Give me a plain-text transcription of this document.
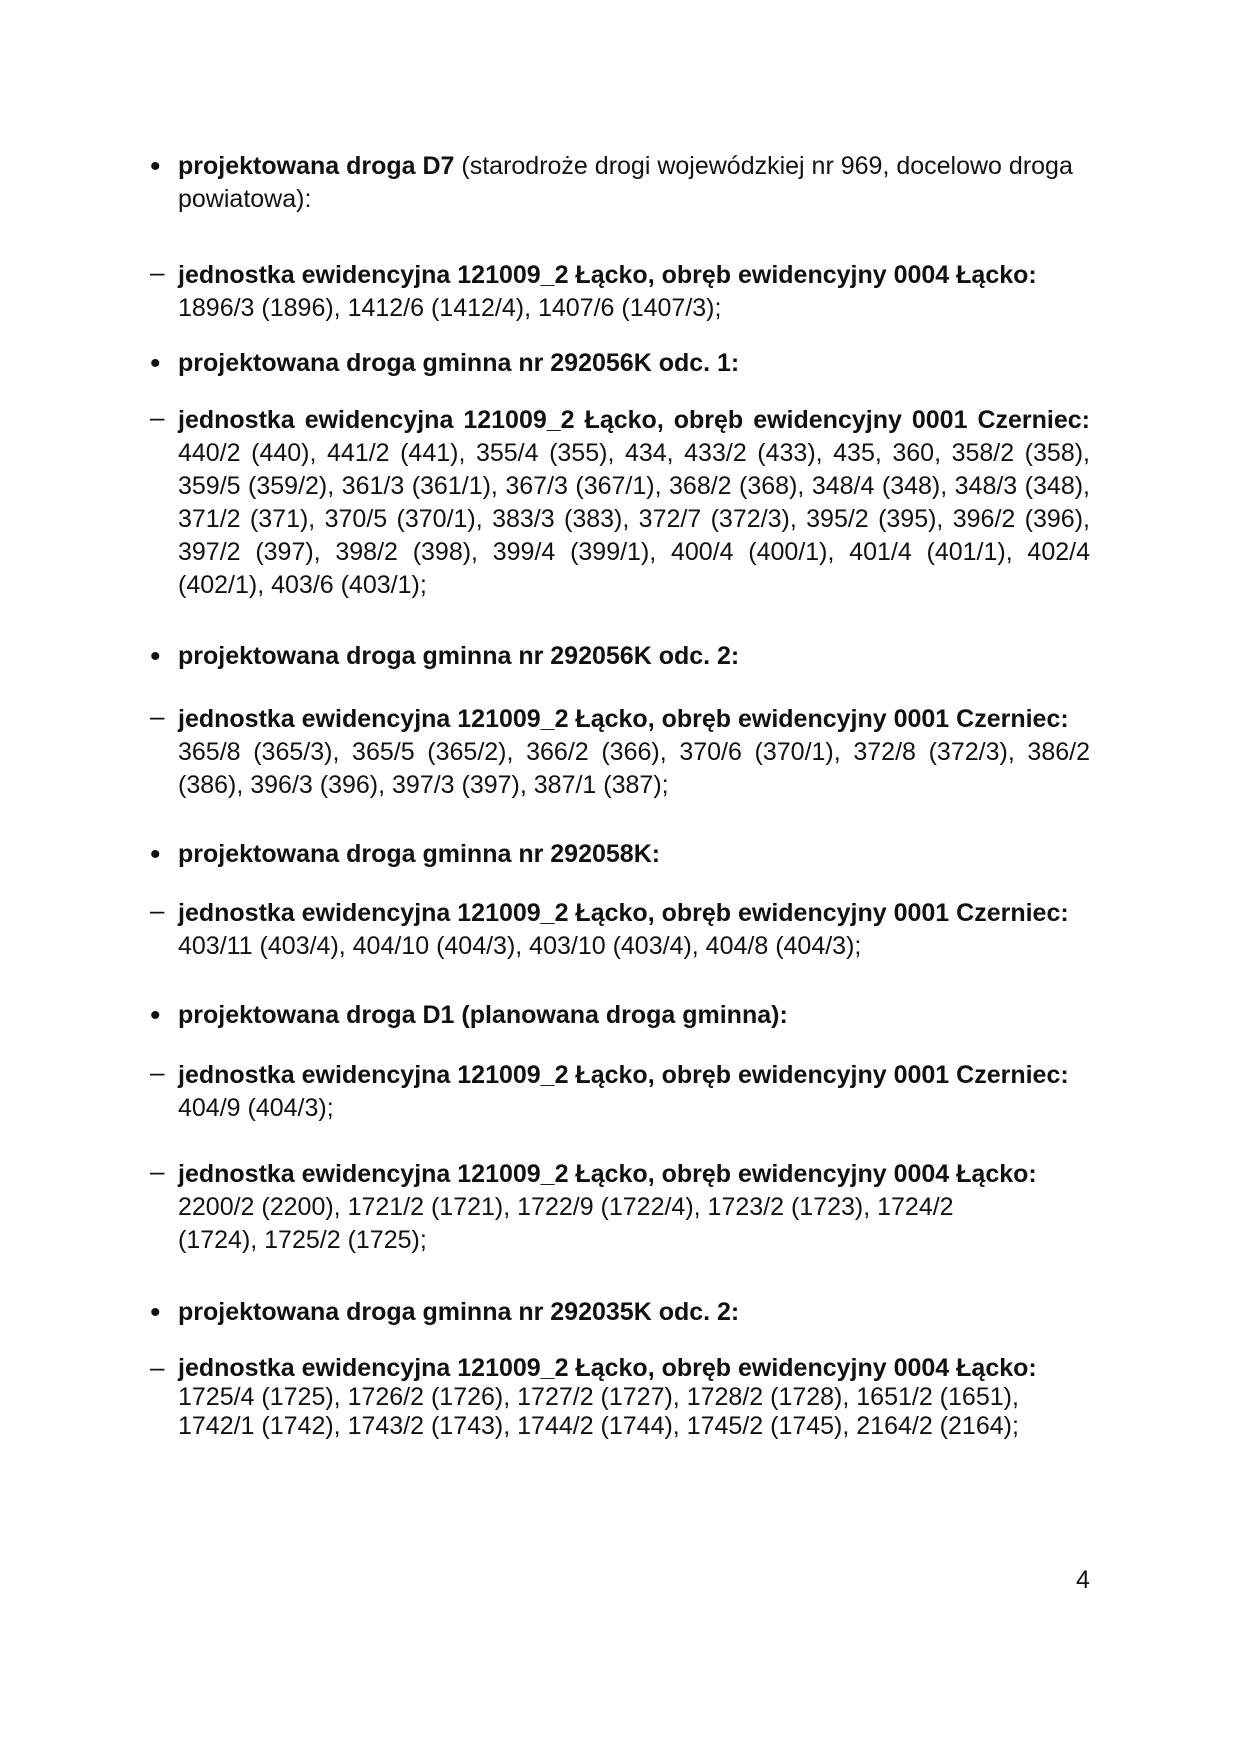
• projektowana droga D7 (starodroże drogi wojewódzkiej nr 969, docelowo droga powiatowa):
– jednostka ewidencyjna 121009_2 Łącko, obręb ewidencyjny 0004 Łącko:
1896/3 (1896), 1412/6 (1412/4), 1407/6 (1407/3);
• projektowana droga gminna nr 292056K odc. 1:
– jednostka ewidencyjna 121009_2 Łącko, obręb ewidencyjny 0001 Czerniec:
440/2 (440), 441/2 (441), 355/4 (355), 434, 433/2 (433), 435, 360, 358/2 (358), 359/5 (359/2), 361/3 (361/1), 367/3 (367/1), 368/2 (368), 348/4 (348), 348/3 (348), 371/2 (371), 370/5 (370/1), 383/3 (383), 372/7 (372/3), 395/2 (395), 396/2 (396), 397/2 (397), 398/2 (398), 399/4 (399/1), 400/4 (400/1), 401/4 (401/1), 402/4 (402/1), 403/6 (403/1);
• projektowana droga gminna nr 292056K odc. 2:
– jednostka ewidencyjna 121009_2 Łącko, obręb ewidencyjny 0001 Czerniec:
365/8 (365/3), 365/5 (365/2), 366/2 (366), 370/6 (370/1), 372/8 (372/3), 386/2 (386), 396/3 (396), 397/3 (397), 387/1 (387);
• projektowana droga gminna nr 292058K:
– jednostka ewidencyjna 121009_2 Łącko, obręb ewidencyjny 0001 Czerniec:
403/11 (403/4), 404/10 (404/3), 403/10 (403/4), 404/8 (404/3);
• projektowana droga D1 (planowana droga gminna):
– jednostka ewidencyjna 121009_2 Łącko, obręb ewidencyjny 0001 Czerniec:
404/9 (404/3);
– jednostka ewidencyjna 121009_2 Łącko, obręb ewidencyjny 0004 Łącko:
2200/2 (2200), 1721/2 (1721), 1722/9 (1722/4), 1723/2 (1723), 1724/2 (1724), 1725/2 (1725);
• projektowana droga gminna nr 292035K odc. 2:
– jednostka ewidencyjna 121009_2 Łącko, obręb ewidencyjny 0004 Łącko:
1725/4 (1725), 1726/2 (1726), 1727/2 (1727), 1728/2 (1728), 1651/2 (1651), 1742/1 (1742), 1743/2 (1743), 1744/2 (1744), 1745/2 (1745), 2164/2 (2164);
4
